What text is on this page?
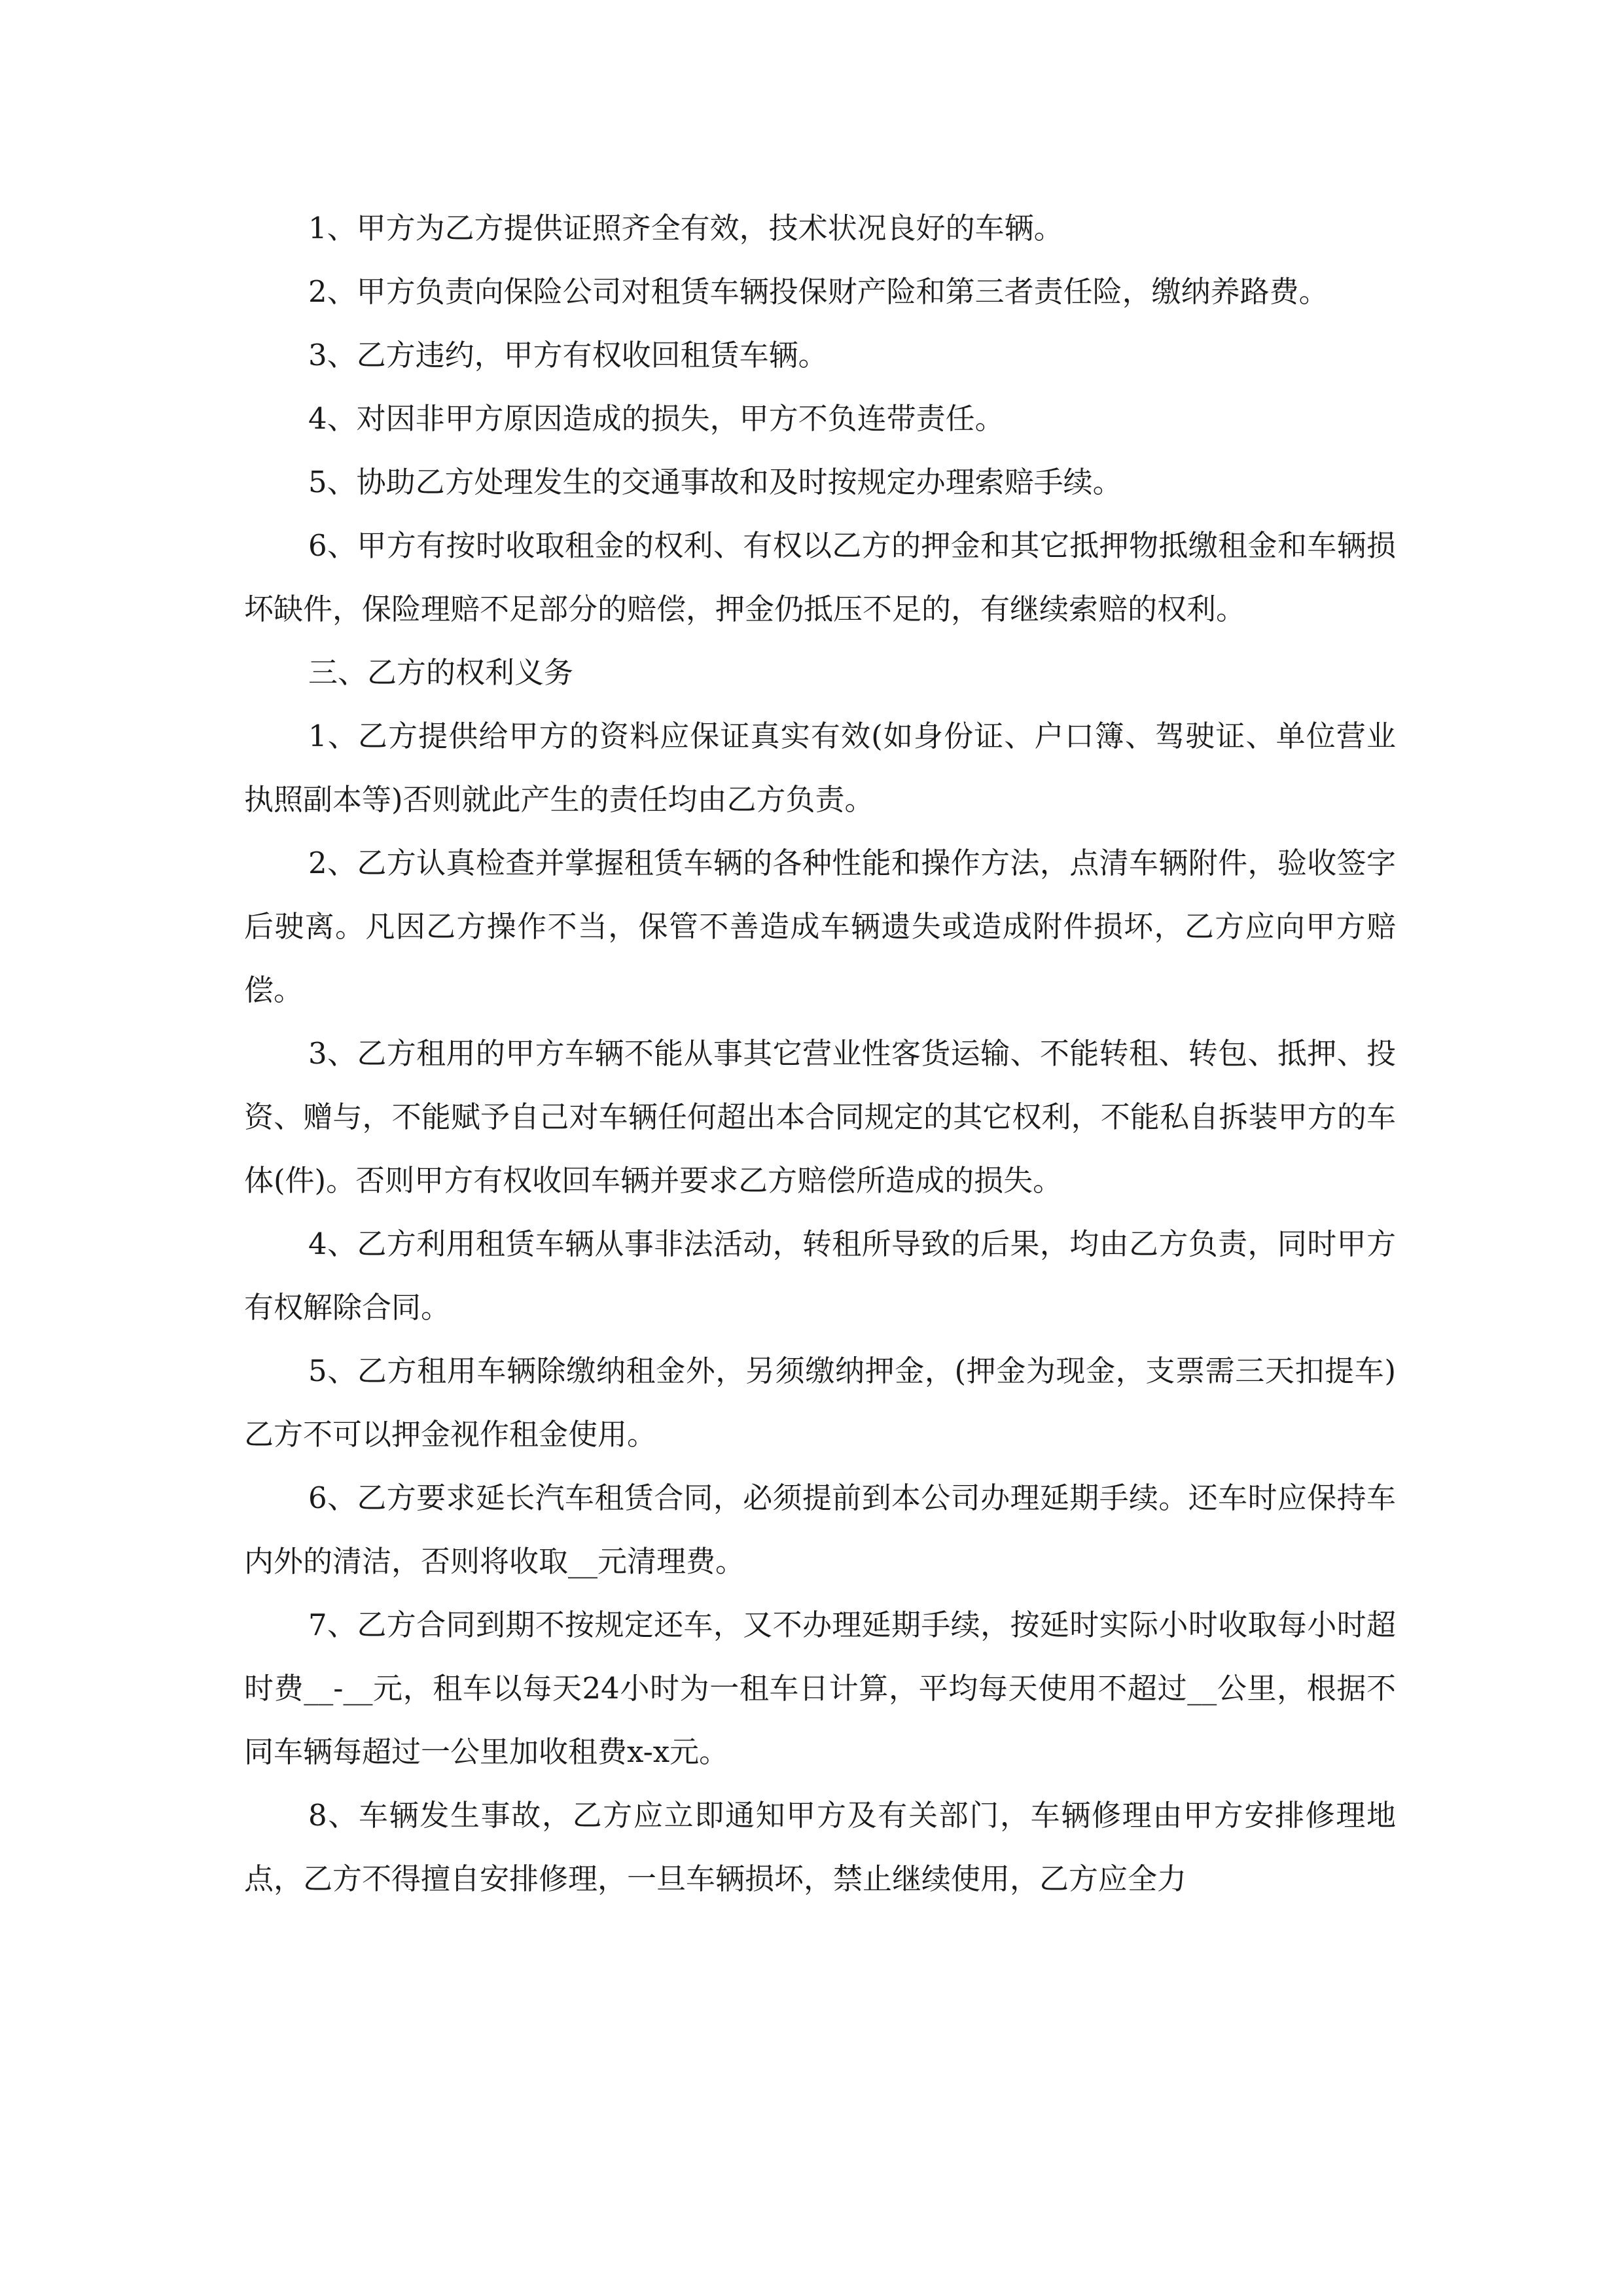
1、甲方为乙方提供证照齐全有效，技术状况良好的车辆。

2、甲方负责向保险公司对租赁车辆投保财产险和第三者责任险，缴纳养路费。

3、乙方违约，甲方有权收回租赁车辆。

4、对因非甲方原因造成的损失，甲方不负连带责任。

5、协助乙方处理发生的交通事故和及时按规定办理索赔手续。

6、甲方有按时收取租金的权利、有权以乙方的押金和其它抵押物抵缴租金和车辆损坏缺件，保险理赔不足部分的赔偿，押金仍抵压不足的，有继续索赔的权利。

三、乙方的权利义务

1、乙方提供给甲方的资料应保证真实有效(如身份证、户口簿、驾驶证、单位营业执照副本等)否则就此产生的责任均由乙方负责。

2、乙方认真检查并掌握租赁车辆的各种性能和操作方法，点清车辆附件，验收签字后驶离。凡因乙方操作不当，保管不善造成车辆遗失或造成附件损坏，乙方应向甲方赔偿。

3、乙方租用的甲方车辆不能从事其它营业性客货运输、不能转租、转包、抵押、投资、赠与，不能赋予自己对车辆任何超出本合同规定的其它权利，不能私自拆装甲方的车体(件)。否则甲方有权收回车辆并要求乙方赔偿所造成的损失。

4、乙方利用租赁车辆从事非法活动，转租所导致的后果，均由乙方负责，同时甲方有权解除合同。

5、乙方租用车辆除缴纳租金外，另须缴纳押金，(押金为现金，支票需三天扣提车)乙方不可以押金视作租金使用。

6、乙方要求延长汽车租赁合同，必须提前到本公司办理延期手续。还车时应保持车内外的清洁，否则将收取__元清理费。

7、乙方合同到期不按规定还车，又不办理延期手续，按延时实际小时收取每小时超时费__-__元，租车以每天24小时为一租车日计算，平均每天使用不超过__公里，根据不同车辆每超过一公里加收租费x-x元。

8、车辆发生事故，乙方应立即通知甲方及有关部门，车辆修理由甲方安排修理地点，乙方不得擅自安排修理，一旦车辆损坏，禁止继续使用，乙方应全力
